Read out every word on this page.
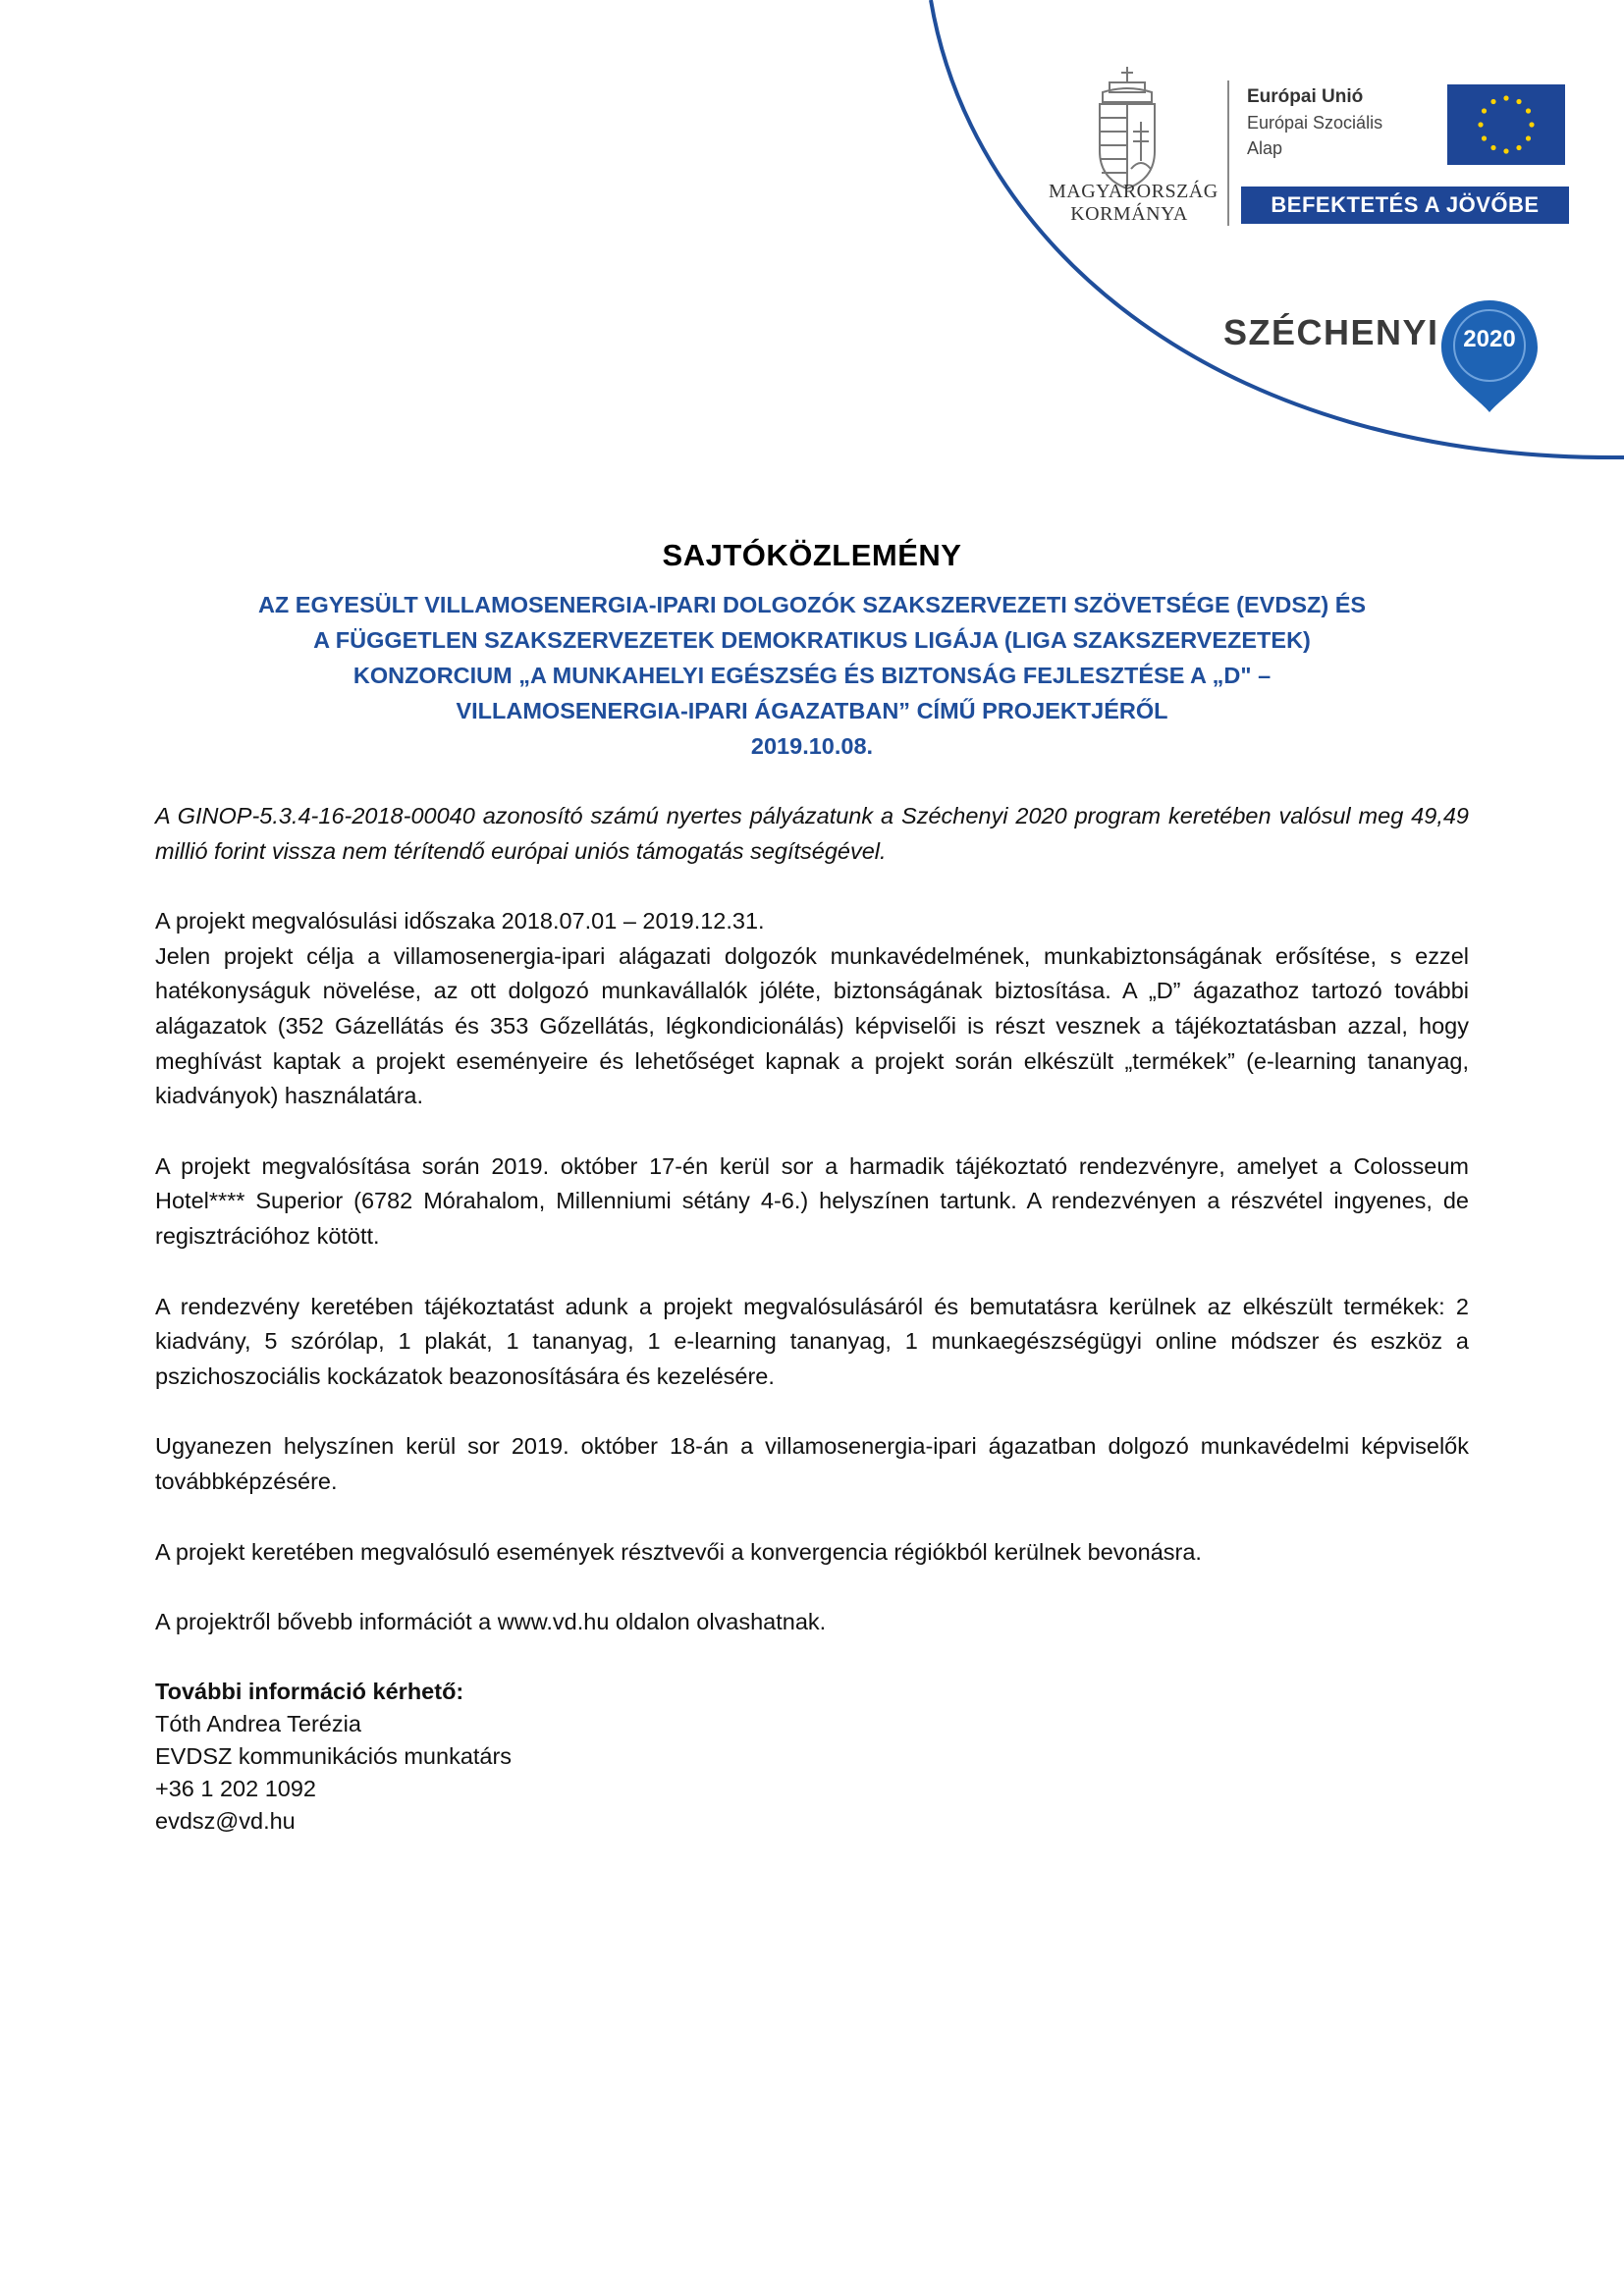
MAGYARORSZÁG
KORMÁNYA
Európai Unió
Európai Szociális
Alap
BEFEKTETÉS A JÖVŐBE
SZÉCHENYI	2020
SAJTÓKÖZLEMÉNY

AZ EGYESÜLT VILLAMOSENERGIA-IPARI DOLGOZÓK SZAKSZERVEZETI SZÖVETSÉGE (EVDSZ) ÉS

A FÜGGETLEN SZAKSZERVEZETEK DEMOKRATIKUS LIGÁJA (LIGA SZAKSZERVEZETEK)

KONZORCIUM „A MUNKAHELYI EGÉSZSÉG ÉS BIZTONSÁG FEJLESZTÉSE A „D" –

VILLAMOSENERGIA-IPARI ÁGAZATBAN” CÍMŰ PROJEKTJÉRŐL

2019.10.08.

A GINOP-5.3.4-16-2018-00040 azonosító számú nyertes pályázatunk a Széchenyi 2020 program keretében valósul meg 49,49 millió forint vissza nem térítendő európai uniós támogatás segítségével.

A projekt megvalósulási időszaka 2018.07.01 – 2019.12.31.

Jelen projekt célja a villamosenergia-ipari alágazati dolgozók munkavédelmének, munkabiztonságának erősítése, s ezzel hatékonyságuk növelése, az ott dolgozó munkavállalók jóléte, biztonságának biztosítása. A „D” ágazathoz tartozó további alágazatok (352 Gázellátás és 353 Gőzellátás, légkondicionálás) képviselői is részt vesznek a tájékoztatásban azzal, hogy meghívást kaptak a projekt eseményeire és lehetőséget kapnak a projekt során elkészült „termékek” (e-learning tananyag, kiadványok) használatára.

A projekt megvalósítása során 2019. október 17-én kerül sor a harmadik tájékoztató rendezvényre, amelyet a Colosseum Hotel**** Superior (6782 Mórahalom, Millenniumi sétány 4-6.) helyszínen tartunk. A rendezvényen a részvétel ingyenes, de regisztrációhoz kötött.

A rendezvény keretében tájékoztatást adunk a projekt megvalósulásáról és bemutatásra kerülnek az elkészült termékek: 2 kiadvány, 5 szórólap, 1 plakát, 1 tananyag, 1 e-learning tananyag, 1 munkaegészségügyi online módszer és eszköz a pszichoszociális kockázatok beazonosítására és kezelésére.

Ugyanezen helyszínen kerül sor 2019. október 18-án a villamosenergia-ipari ágazatban dolgozó munkavédelmi képviselők továbbképzésére.

A projekt keretében megvalósuló események résztvevői a konvergencia régiókból kerülnek bevonásra.

A projektről bővebb információt a www.vd.hu oldalon olvashatnak.

További információ kérhető:

Tóth Andrea Terézia

EVDSZ kommunikációs munkatárs

+36 1 202 1092

evdsz@vd.hu
